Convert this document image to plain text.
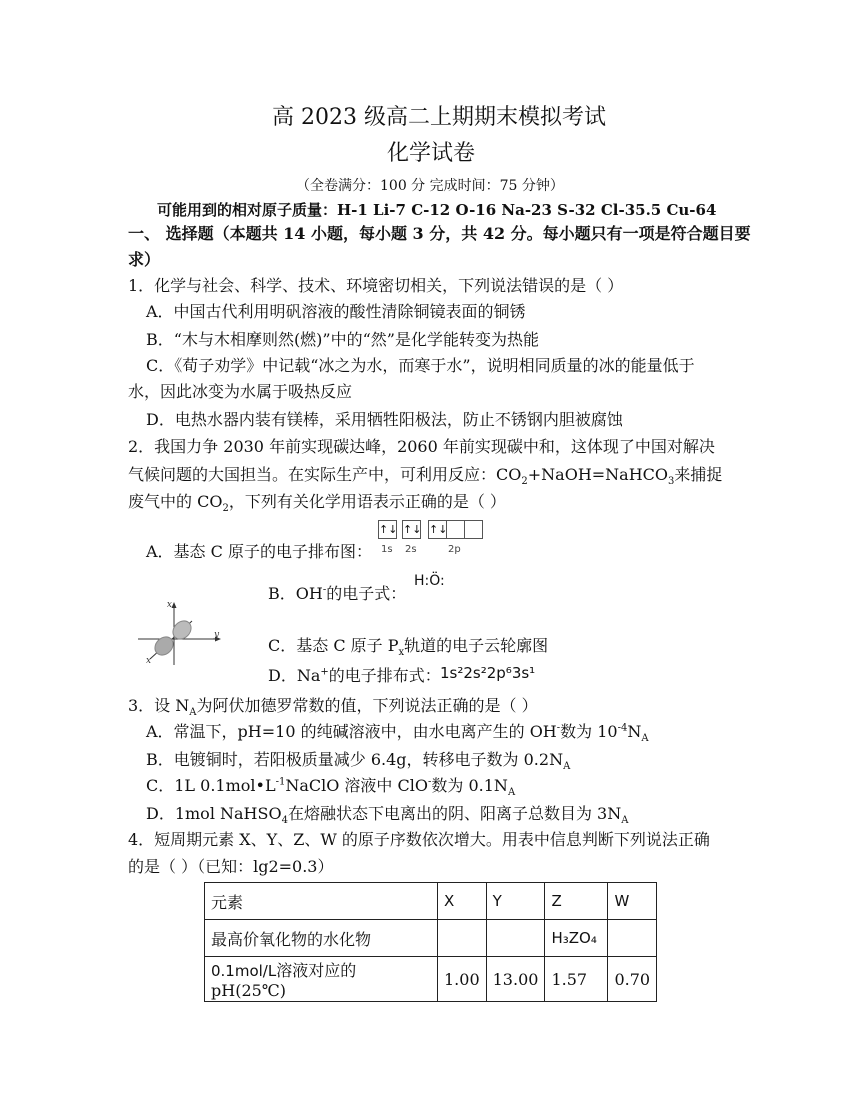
高 2023 级高二上期期末模拟考试
化学试卷
（全卷满分：100 分 完成时间：75 分钟）
可能用到的相对原子质量：H-1 Li-7 C-12 O-16 Na-23 S-32 Cl-35.5 Cu-64
一、 选择题（本题共 14 小题，每小题 3 分，共 42 分。每小题只有一项是符合题目要
求）
1．化学与社会、科学、技术、环境密切相关，下列说法错误的是（ ）
A．中国古代利用明矾溶液的酸性清除铜镜表面的铜锈
B．“木与木相摩则然(燃)”中的“然”是化学能转变为热能
C．《荀子劝学》中记载“冰之为水，而寒于水”，说明相同质量的冰的能量低于
水，因此冰变为水属于吸热反应
D．电热水器内装有镁棒，采用牺牲阳极法，防止不锈钢内胆被腐蚀
2．我国力争 2030 年前实现碳达峰，2060 年前实现碳中和，这体现了中国对解决
气候问题的大国担当。在实际生产中，可利用反应：$CO_2+NaOH=NaHCO_3$来捕捉
废气中的 $CO_2$，下列有关化学用语表示正确的是（ ）
A．基态 C 原子的电子排布图：
↑↓ ↑↓ ↑↓
1s 2s	2p
B．OH-的电子式：
H:Ö:
x
y
x
C．基态 C 原子 $P_x$轨道的电子云轮廓图
D．Na+的电子排布式： 1s²2s²2p⁶3s¹
3．设 $N_A$为阿伏加德罗常数的值，下列说法正确的是（ ）
A．常温下，pH=10 的纯碱溶液中，由水电离产生的 OH-数为 $10^{-4}N_A$
B．电镀铜时，若阳极质量减少 6.4g，转移电子数为 $0.2N_A$
C．1L $0.1mol•L^{-1}NaClO$ 溶液中 ClO-数为 $0.1N_A$
D．1mol NaHSO$_4$在熔融状态下电离出的阴、阳离子总数目为 $3N_A$
4．短周期元素 X、Y、Z、W 的原子序数依次增大。用表中信息判断下列说法正确
的是（ ）（已知：lg2=0.3）
元素	X	Y	Z	W
最高价氧化物的水化物			H₃ZO₄	
0.1mol/L溶液对应的 pH(25℃)	1.00	13.00	1.57	0.70
